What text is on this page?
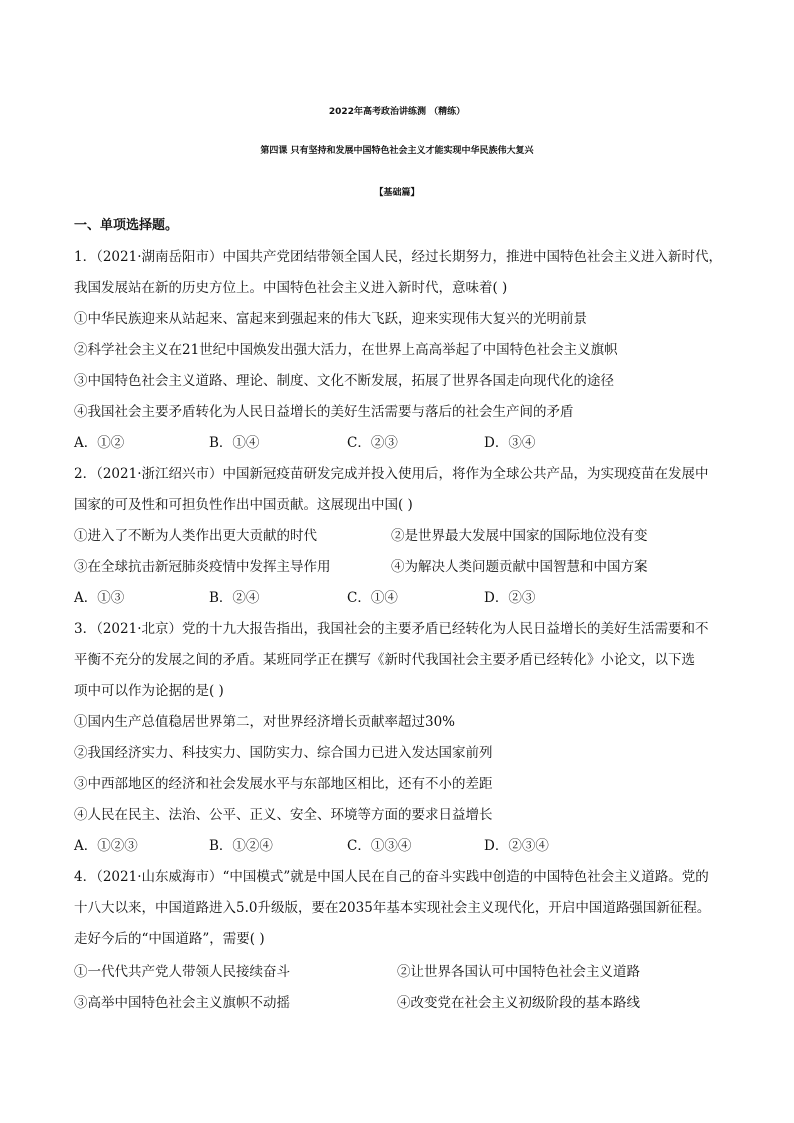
2022年高考政治讲练测 （精练）
第四课 只有坚持和发展中国特色社会主义才能实现中华民族伟大复兴
【基础篇】
一、单项选择题。
1．（2021·湖南岳阳市）中国共产党团结带领全国人民，经过长期努力，推进中国特色社会主义进入新时代，
我国发展站在新的历史方位上。中国特色社会主义进入新时代，意味着( )
①中华民族迎来从站起来、富起来到强起来的伟大飞跃，迎来实现伟大复兴的光明前景
②科学社会主义在21世纪中国焕发出强大活力，在世界上高高举起了中国特色社会主义旗帜
③中国特色社会主义道路、理论、制度、文化不断发展，拓展了世界各国走向现代化的途径
④我国社会主要矛盾转化为人民日益增长的美好生活需要与落后的社会生产间的矛盾
A．①②	B．①④	C．②③	D．③④
2．（2021·浙江绍兴市）中国新冠疫苗研发完成并投入使用后，将作为全球公共产品，为实现疫苗在发展中
国家的可及性和可担负性作出中国贡献。这展现出中国( )
①进入了不断为人类作出更大贡献的时代	②是世界最大发展中国家的国际地位没有变
③在全球抗击新冠肺炎疫情中发挥主导作用	④为解决人类问题贡献中国智慧和中国方案
A．①③	B．②④	C．①④	D．②③
3．（2021·北京）党的十九大报告指出，我国社会的主要矛盾已经转化为人民日益增长的美好生活需要和不
平衡不充分的发展之间的矛盾。某班同学正在撰写《新时代我国社会主要矛盾已经转化》小论文，以下选
项中可以作为论据的是( )
①国内生产总值稳居世界第二，对世界经济增长贡献率超过30%
②我国经济实力、科技实力、国防实力、综合国力已进入发达国家前列
③中西部地区的经济和社会发展水平与东部地区相比，还有不小的差距
④人民在民主、法治、公平、正义、安全、环境等方面的要求日益增长
A．①②③	B．①②④	C．①③④	D．②③④
4．（2021·山东威海市）“中国模式”就是中国人民在自己的奋斗实践中创造的中国特色社会主义道路。党的
十八大以来，中国道路进入5.0升级版，要在2035年基本实现社会主义现代化，开启中国道路强国新征程。
走好今后的“中国道路”，需要( )
①一代代共产党人带领人民接续奋斗	②让世界各国认可中国特色社会主义道路
③高举中国特色社会主义旗帜不动摇	④改变党在社会主义初级阶段的基本路线
